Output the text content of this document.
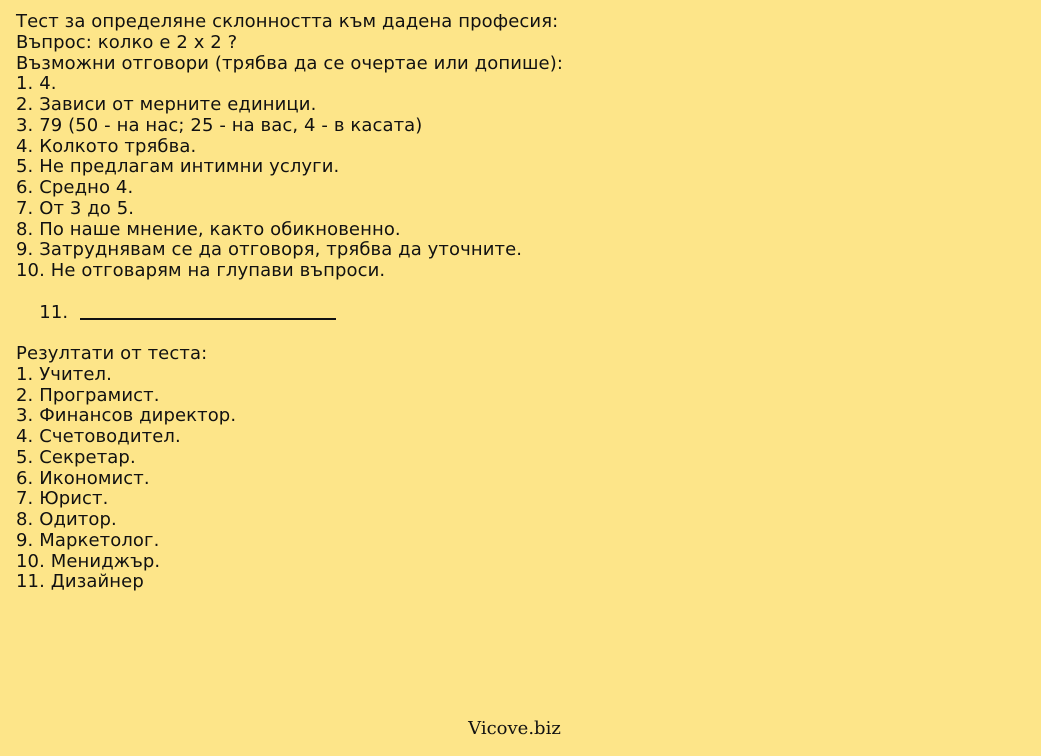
Тест за определяне склонността към дадена професия:
Въпрос: колко е 2 х 2 ?
Възможни отговори (трябва да се очертае или допише):
1. 4.
2. Зависи от мерните единици.
3. 79 (50 - на нас; 25 - на вас, 4 - в касата)
4. Колкото трябва.
5. Не предлагам интимни услуги.
6. Средно 4.
7. От 3 до 5.
8. По наше мнение, както обикновенно.
9. Затруднявам се да отговоря, трябва да уточните.
10. Не отговарям на глупави въпроси.

11.

Резултати от теста:
1. Учител.
2. Програмист.
3. Финансов директор.
4. Счетоводител.
5. Секретар.
6. Икономист.
7. Юрист.
8. Одитор.
9. Маркетолог.
10. Мениджър.
11. Дизайнер
Vicove.biz
